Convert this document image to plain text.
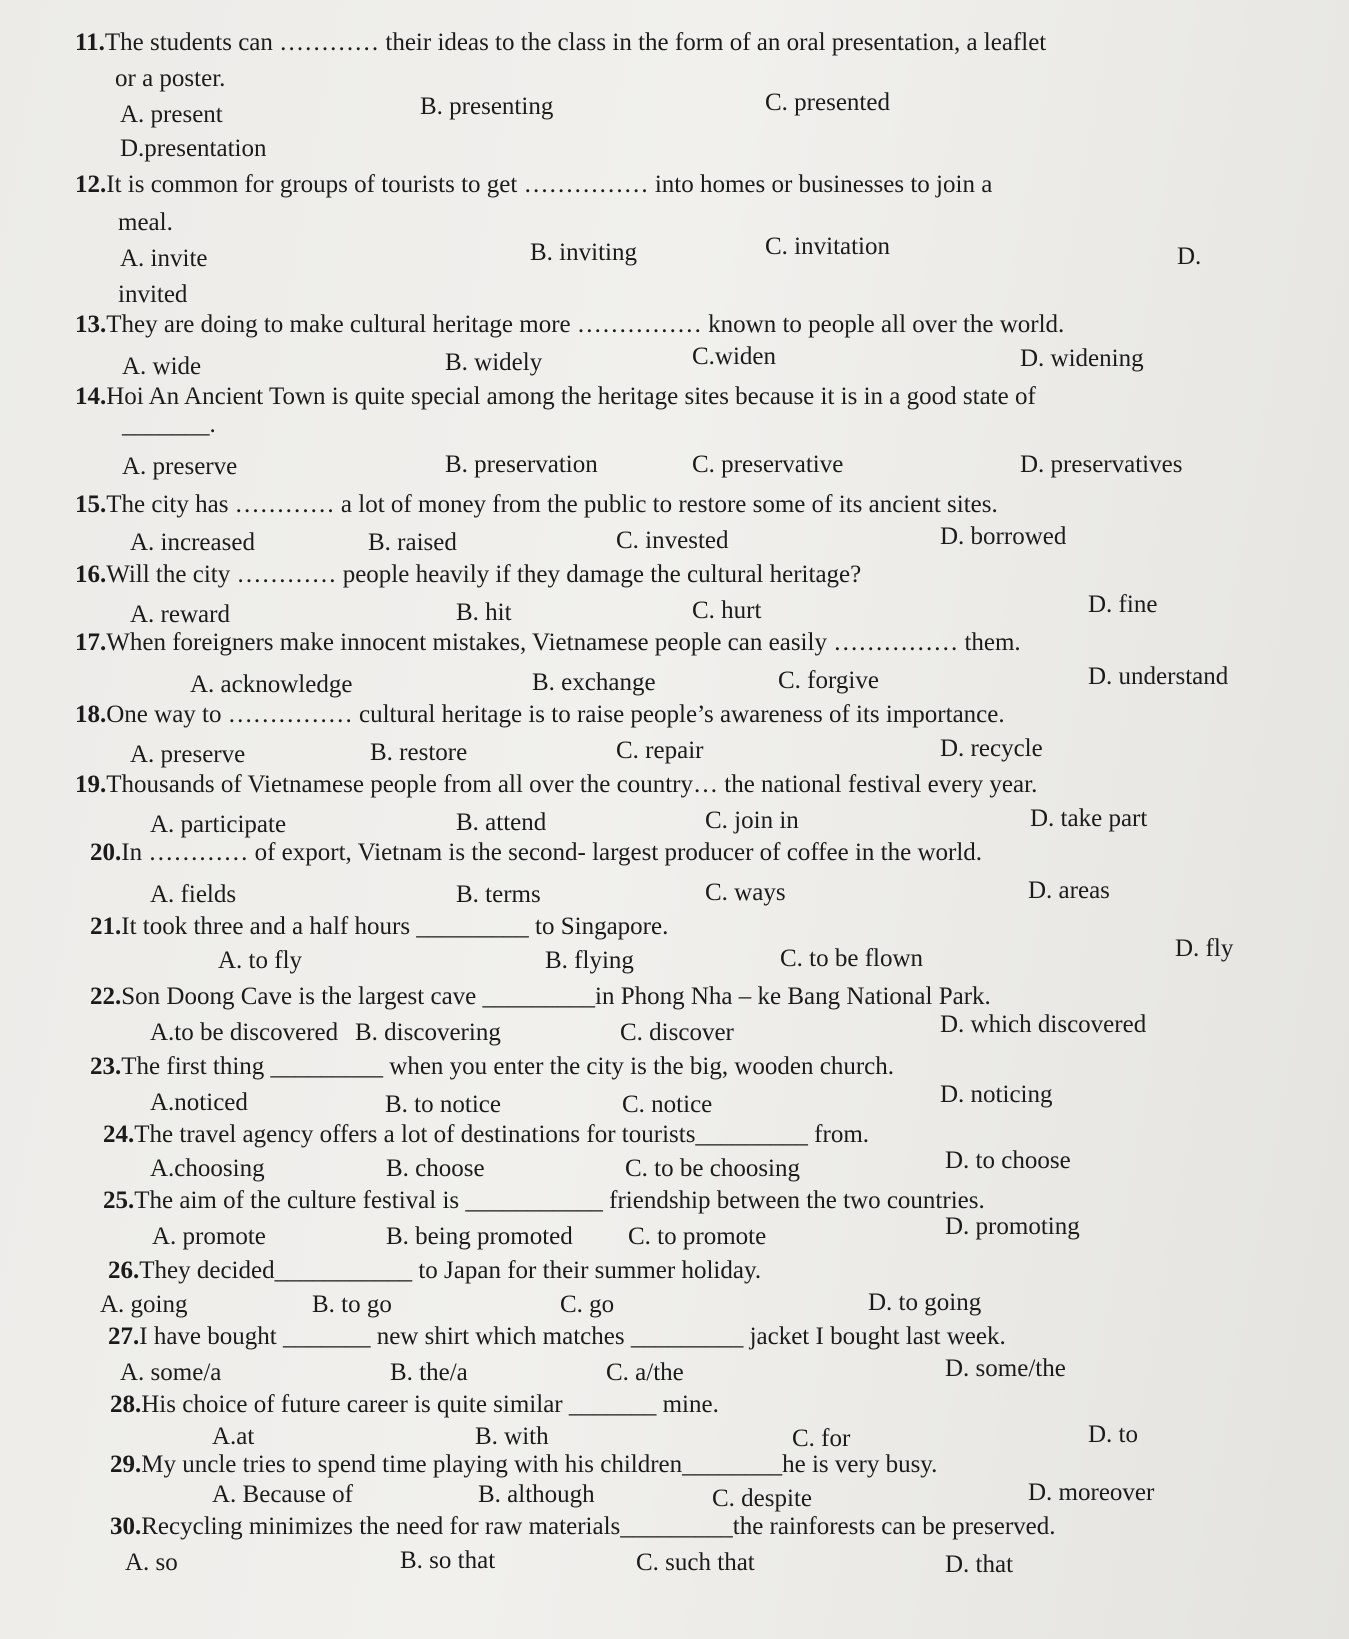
11.The students can ………… their ideas to the class in the form of an oral presentation, a leaflet
or a poster.
A. present	B. presenting	C. presented
D.presentation
12.It is common for groups of tourists to get …………… into homes or businesses to join a
meal.
A. invite	B. inviting	C. invitation	D.
invited
13.They are doing to make cultural heritage more …………… known to people all over the world.
A. wide	B. widely	C.widen	D. widening
14.Hoi An Ancient Town is quite special among the heritage sites because it is in a good state of
_______.
A. preserve	B. preservation	C. preservative	D. preservatives
15.The city has ………… a lot of money from the public to restore some of its ancient sites.
A. increased	B. raised	C. invested	D. borrowed
16.Will the city ………… people heavily if they damage the cultural heritage?
A. reward	B. hit	C. hurt	D. fine
17.When foreigners make innocent mistakes, Vietnamese people can easily …………… them.
A. acknowledge	B. exchange	C. forgive	D. understand
18.One way to …………… cultural heritage is to raise people’s awareness of its importance.
A. preserve	B. restore	C. repair	D. recycle
19.Thousands of Vietnamese people from all over the country… the national festival every year.
A. participate	B. attend	C. join in	D. take part
20.In ………… of export, Vietnam is the second- largest producer of coffee in the world.
A. fields	B. terms	C. ways	D. areas
21.It took three and a half hours _________ to Singapore.
A. to fly	B. flying	C. to be flown	D. fly
22.Son Doong Cave is the largest cave _________in Phong Nha – ke Bang National Park.
A.to be discovered B. discovering	C. discover	D. which discovered
23.The first thing _________ when you enter the city is the big, wooden church.
A.noticed	B. to notice	C. notice	D. noticing
24.The travel agency offers a lot of destinations for tourists_________ from.
A.choosing	B. choose	C. to be choosing	D. to choose
25.The aim of the culture festival is ___________ friendship between the two countries.
A. promote	B. being promoted C. to promote	D. promoting
26.They decided___________ to Japan for their summer holiday.
A. going	B. to go	C. go	D. to going
27.I have bought _______ new shirt which matches _________ jacket I bought last week.
A. some/a	B. the/a	C. a/the	D. some/the
28.His choice of future career is quite similar _______ mine.
A.at	B. with	C. for	D. to
29.My uncle tries to spend time playing with his children________he is very busy.
A. Because of	B. although	C. despite	D. moreover
30.Recycling minimizes the need for raw materials_________the rainforests can be preserved.
A. so	B. so that	C. such that	D. that
